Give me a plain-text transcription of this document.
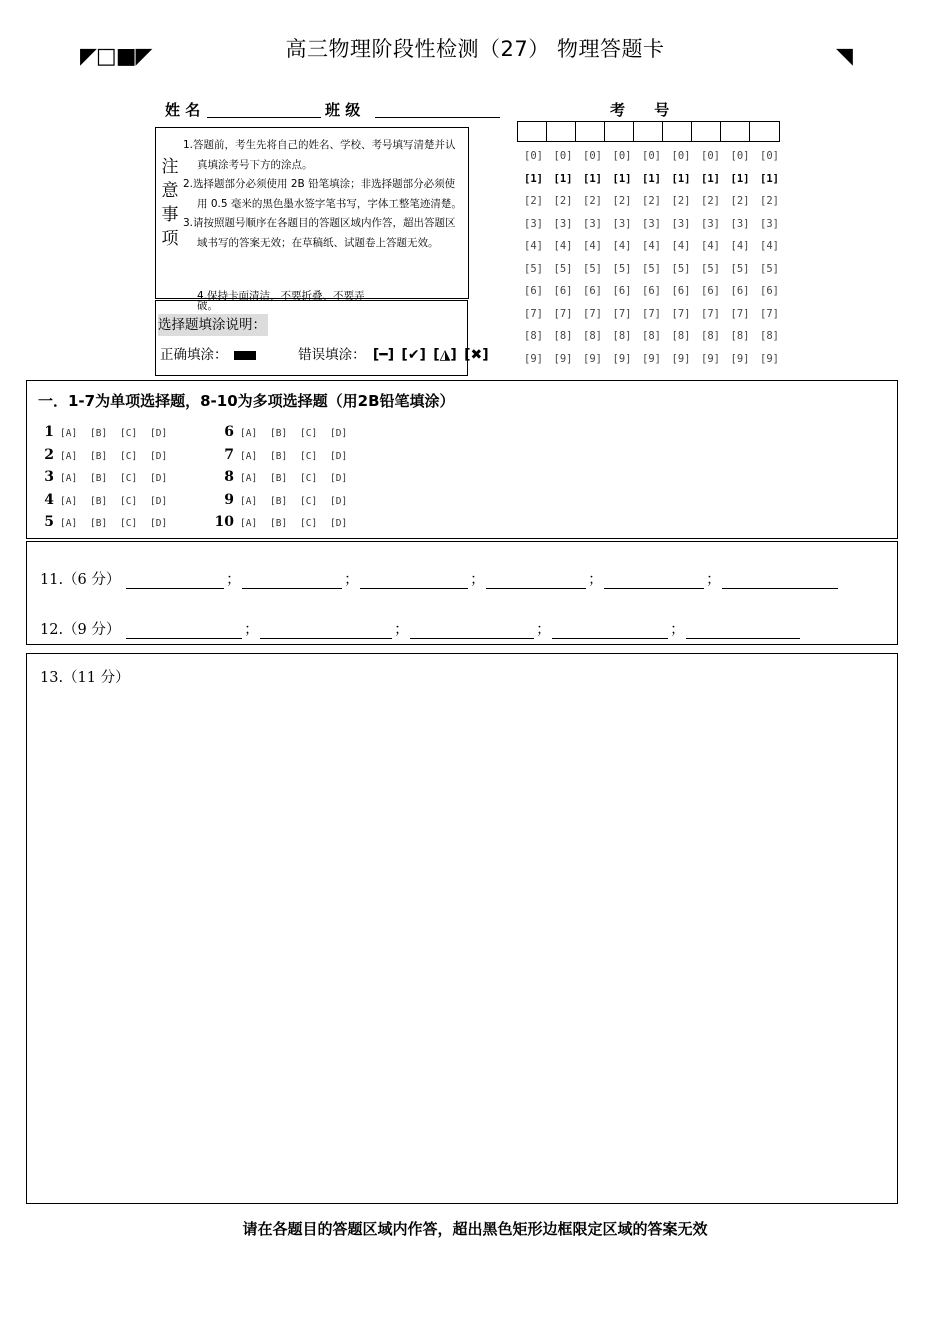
◤□■◤	高三物理阶段性检测（27） 物理答题卡	◥
姓 名	班 级	考 号
注
意
事
项
1.答题前，考生先将自己的姓名、学校、考号填写清楚并认真填涂考号下方的涂点。
2.选择题部分必须使用 2B 铅笔填涂；非选择题部分必须使用 0.5 毫米的黑色墨水签字笔书写，字体工整笔迹清楚。
3.请按照题号顺序在各题目的答题区域内作答，超出答题区域书写的答案无效；在草稿纸、试题卷上答题无效。
4.保持卡面清洁，不要折叠、不要弄破。
选择题填涂说明：
正确填涂：	错误填涂： [━] [✔] [◮] [✖]
[0] [0] [0] [0] [0] [0] [0] [0] [0]
[1] [1] [1] [1] [1] [1] [1] [1] [1]
[2] [2] [2] [2] [2] [2] [2] [2] [2]
[3] [3] [3] [3] [3] [3] [3] [3] [3]
[4] [4] [4] [4] [4] [4] [4] [4] [4]
[5] [5] [5] [5] [5] [5] [5] [5] [5]
[6] [6] [6] [6] [6] [6] [6] [6] [6]
[7] [7] [7] [7] [7] [7] [7] [7] [7]
[8] [8] [8] [8] [8] [8] [8] [8] [8]
[9] [9] [9] [9] [9] [9] [9] [9] [9]
一．1-7为单项选择题，8-10为多项选择题（用2B铅笔填涂）
1 [A] [B] [C] [D]
2 [A] [B] [C] [D]
3 [A] [B] [C] [D]
4 [A] [B] [C] [D]
5 [A] [B] [C] [D]
6 [A] [B] [C] [D]
7 [A] [B] [C] [D]
8 [A] [B] [C] [D]
9 [A] [B] [C] [D]
10 [A] [B] [C] [D]
11.（6 分）	；	；	；	；	；
12.（9 分）	；	；	；	；
13.（11 分）
请在各题目的答题区域内作答，超出黑色矩形边框限定区域的答案无效
